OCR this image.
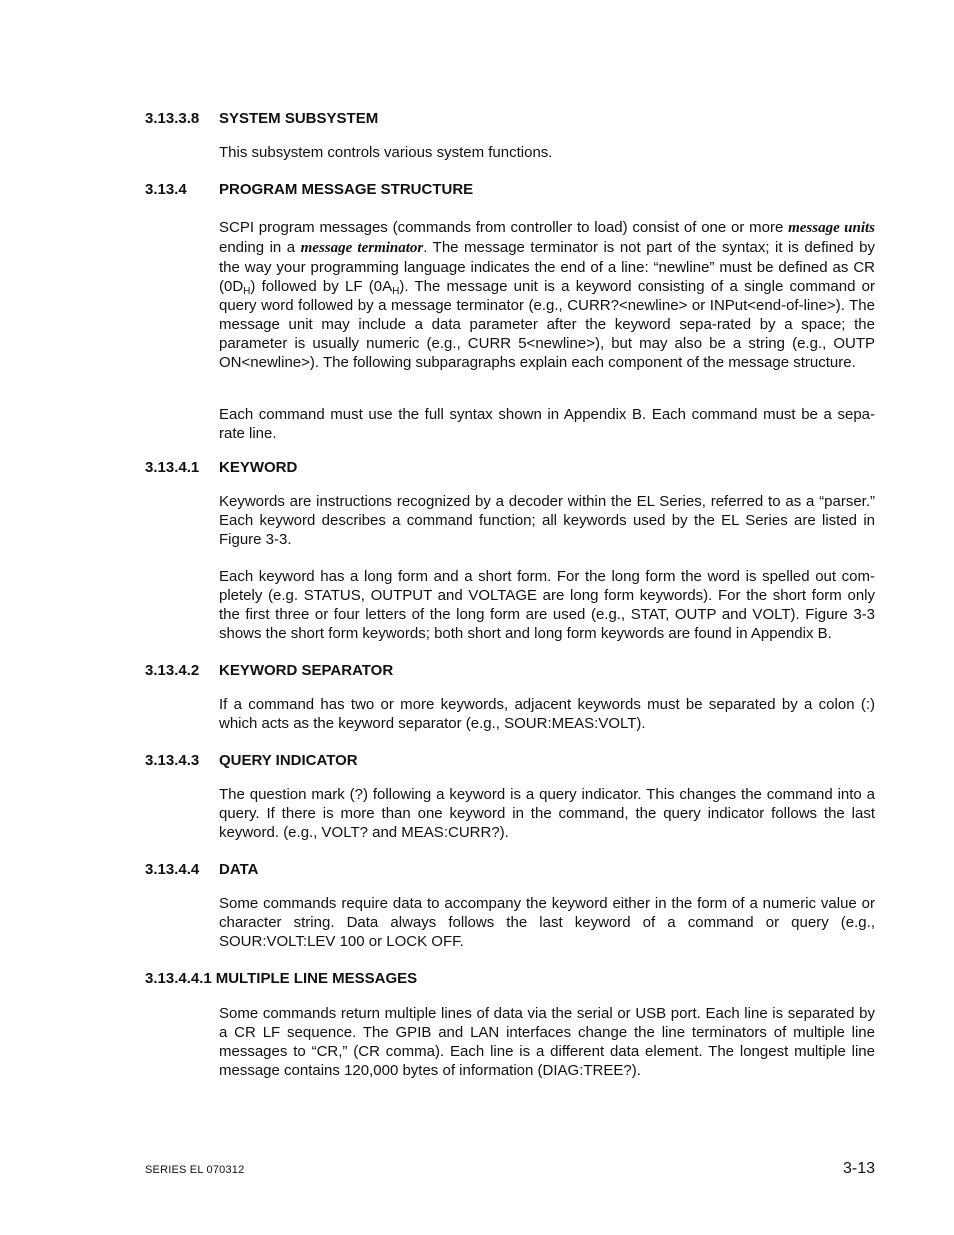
3.13.3.8 SYSTEM SUBSYSTEM

This subsystem controls various system functions.

3.13.4 PROGRAM MESSAGE STRUCTURE

SCPI program messages (commands from controller to load) consist of one or more message units ending in a message terminator. The message terminator is not part of the syntax; it is defined by the way your programming language indicates the end of a line: “newline” must be defined as CR $(0D_H)$ followed by LF $(0A_H)$. The message unit is a keyword consisting of a single command or query word followed by a message terminator (e.g., CURR?<newline> or INPut<end-of-line>). The message unit may include a data parameter after the keyword sepa-rated by a space; the parameter is usually numeric (e.g., CURR 5<newline>), but may also be a string (e.g., OUTP ON<newline>). The following subparagraphs explain each component of the message structure.

Each command must use the full syntax shown in Appendix B. Each command must be a sepa-rate line.

3.13.4.1 KEYWORD

Keywords are instructions recognized by a decoder within the EL Series, referred to as a “parser.” Each keyword describes a command function; all keywords used by the EL Series are listed in Figure 3-3.

Each keyword has a long form and a short form. For the long form the word is spelled out com-pletely (e.g. STATUS, OUTPUT and VOLTAGE are long form keywords). For the short form only the first three or four letters of the long form are used (e.g., STAT, OUTP and VOLT). Figure 3-3 shows the short form keywords; both short and long form keywords are found in Appendix B.

3.13.4.2 KEYWORD SEPARATOR

If a command has two or more keywords, adjacent keywords must be separated by a colon (:) which acts as the keyword separator (e.g., SOUR:MEAS:VOLT).

3.13.4.3 QUERY INDICATOR

The question mark (?) following a keyword is a query indicator. This changes the command into a query. If there is more than one keyword in the command, the query indicator follows the last keyword. (e.g., VOLT? and MEAS:CURR?).

3.13.4.4 DATA

Some commands require data to accompany the keyword either in the form of a numeric value or character string. Data always follows the last keyword of a command or query (e.g., SOUR:VOLT:LEV 100 or LOCK OFF.

3.13.4.4.1 MULTIPLE LINE MESSAGES

Some commands return multiple lines of data via the serial or USB port. Each line is separated by a CR LF sequence. The GPIB and LAN interfaces change the line terminators of multiple line messages to “CR,” (CR comma). Each line is a different data element. The longest multiple line message contains 120,000 bytes of information (DIAG:TREE?).

SERIES EL 070312	3-13
